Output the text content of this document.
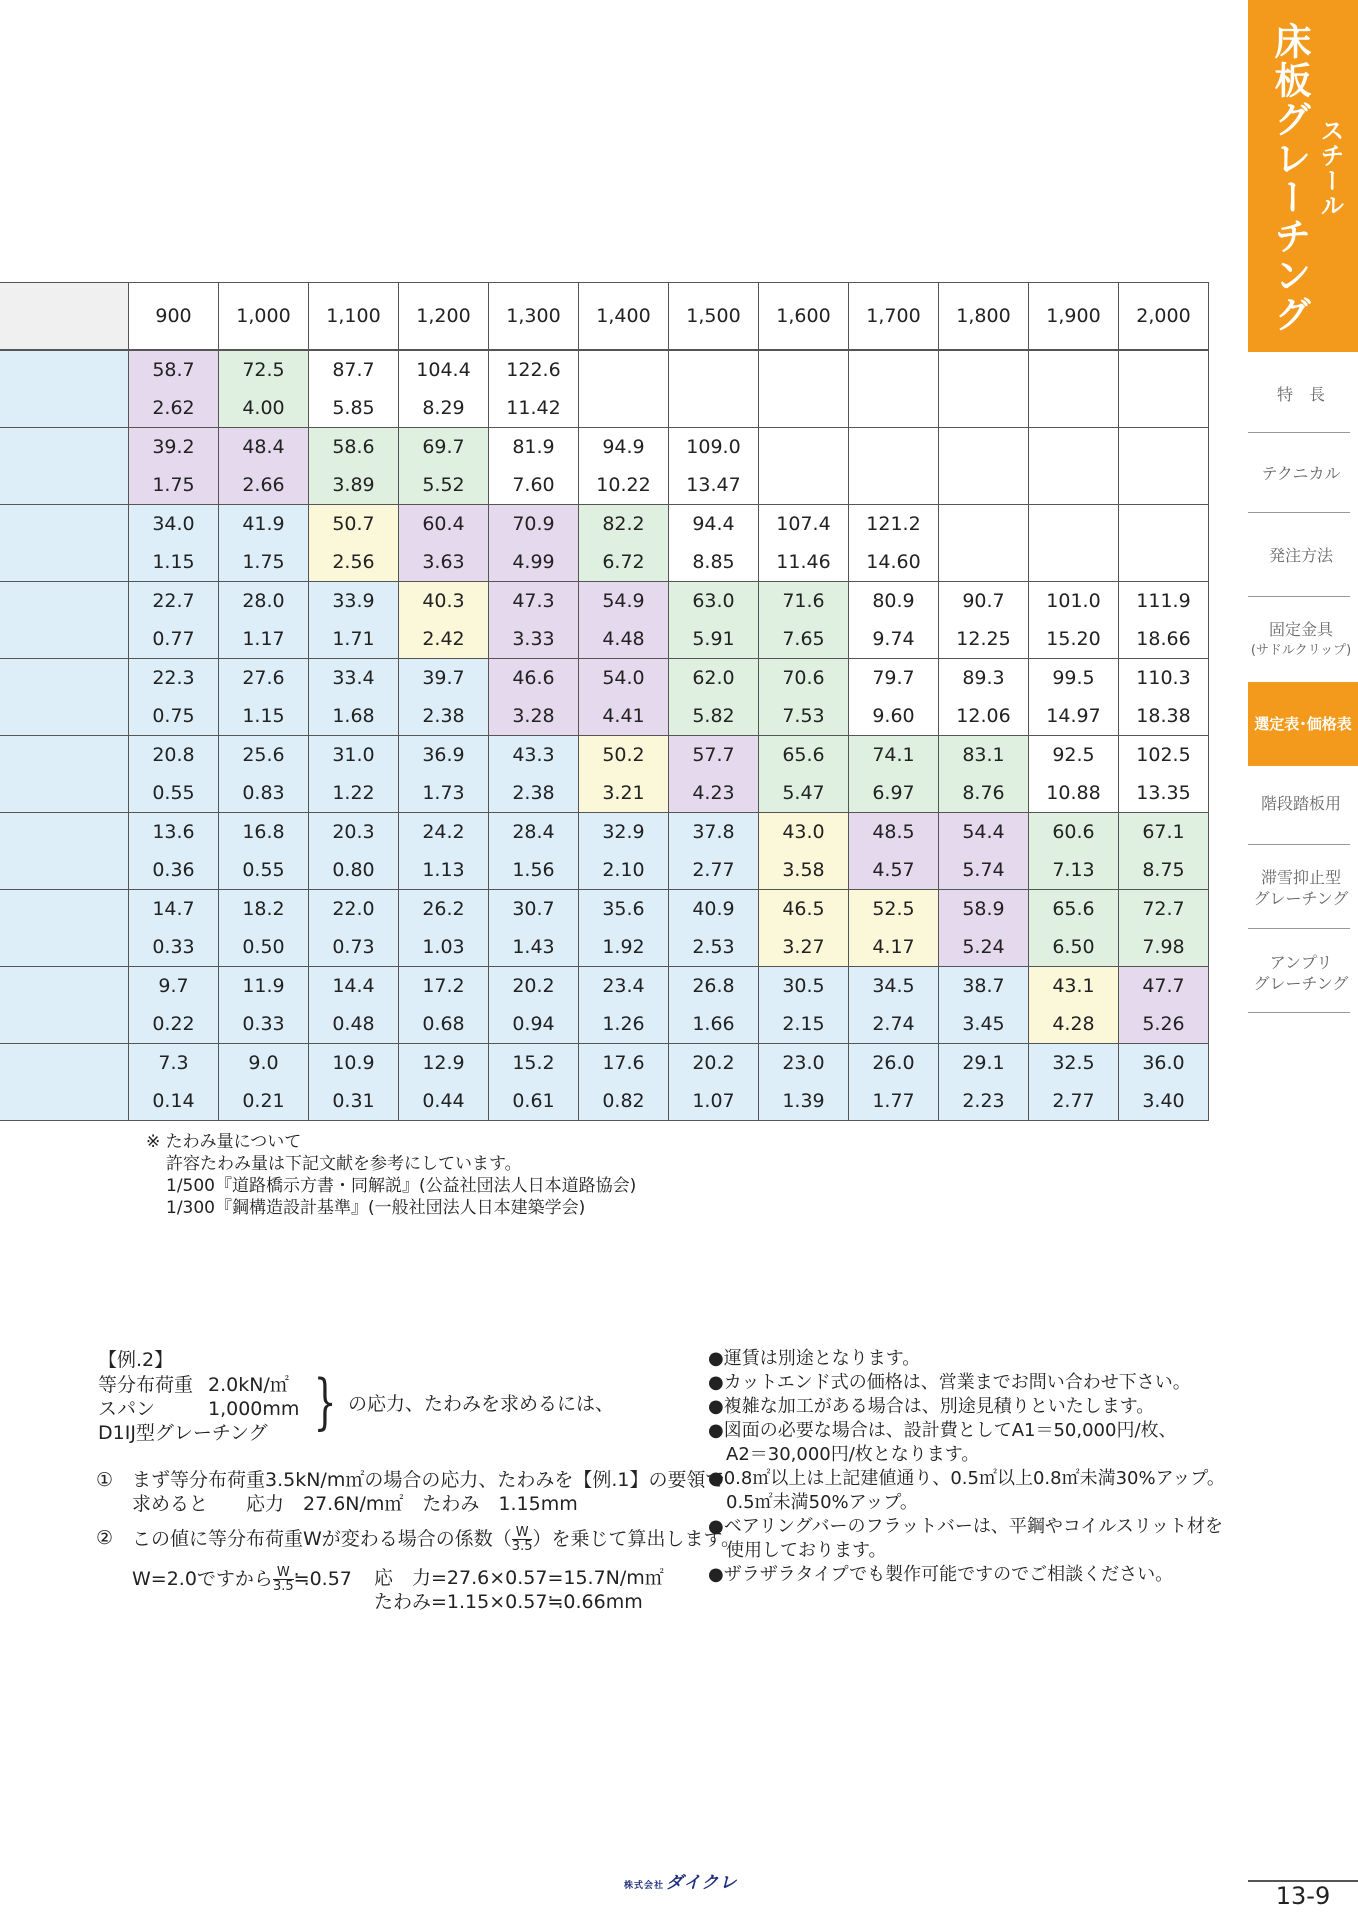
床板グレーチング スチール
特　長
テクニカル
発注方法
固定金具
(サドルクリップ)
選定表･価格表
階段踏板用
滞雪抑止型
グレーチング
アンプリ
グレーチング
	900	1,000	1,100	1,200	1,300	1,400	1,500	1,600	1,700	1,800	1,900	2,000

	58.7	72.5	87.7	104.4	122.6							
	2.62	4.00	5.85	8.29	11.42							

	39.2	48.4	58.6	69.7	81.9	94.9	109.0					
	1.75	2.66	3.89	5.52	7.60	10.22	13.47					

	34.0	41.9	50.7	60.4	70.9	82.2	94.4	107.4	121.2			
	1.15	1.75	2.56	3.63	4.99	6.72	8.85	11.46	14.60			

	22.7	28.0	33.9	40.3	47.3	54.9	63.0	71.6	80.9	90.7	101.0	111.9
	0.77	1.17	1.71	2.42	3.33	4.48	5.91	7.65	9.74	12.25	15.20	18.66

	22.3	27.6	33.4	39.7	46.6	54.0	62.0	70.6	79.7	89.3	99.5	110.3
	0.75	1.15	1.68	2.38	3.28	4.41	5.82	7.53	9.60	12.06	14.97	18.38

	20.8	25.6	31.0	36.9	43.3	50.2	57.7	65.6	74.1	83.1	92.5	102.5
	0.55	0.83	1.22	1.73	2.38	3.21	4.23	5.47	6.97	8.76	10.88	13.35

	13.6	16.8	20.3	24.2	28.4	32.9	37.8	43.0	48.5	54.4	60.6	67.1
	0.36	0.55	0.80	1.13	1.56	2.10	2.77	3.58	4.57	5.74	7.13	8.75

	14.7	18.2	22.0	26.2	30.7	35.6	40.9	46.5	52.5	58.9	65.6	72.7
	0.33	0.50	0.73	1.03	1.43	1.92	2.53	3.27	4.17	5.24	6.50	7.98

	9.7	11.9	14.4	17.2	20.2	23.4	26.8	30.5	34.5	38.7	43.1	47.7
	0.22	0.33	0.48	0.68	0.94	1.26	1.66	2.15	2.74	3.45	4.28	5.26

	7.3	9.0	10.9	12.9	15.2	17.6	20.2	23.0	26.0	29.1	32.5	36.0
	0.14	0.21	0.31	0.44	0.61	0.82	1.07	1.39	1.77	2.23	2.77	3.40
※ たわみ量について
許容たわみ量は下記文献を参考にしています。
1/500『道路橋示方書・同解説』(公益社団法人日本道路協会)
1/300『鋼構造設計基準』(一般社団法人日本建築学会)
【例.2】
等分布荷重 2.0kN/㎡
スパン	1,000mm
D1IJ型グレーチング } の応力、たわみを求めるには、
① まず等分布荷重3.5kN/m㎡の場合の応力、たわみを【例.1】の要領で
求めると　　応力　27.6N/m㎡　たわみ　1.15mm
② この値に等分布荷重Wが変わる場合の係数（ $\frac{W}{3.5}$ ）を乗じて算出します。
W=2.0ですから $\frac{W}{3.5}$ ≒0.57 応　力=27.6×0.57=15.7N/m㎡
たわみ=1.15×0.57≒0.66mm
●運賃は別途となります。
●カットエンド式の価格は、営業までお問い合わせ下さい。
●複雑な加工がある場合は、別途見積りといたします。
●図面の必要な場合は、設計費としてA1＝50,000円/枚、
　A2＝30,000円/枚となります。
●0.8㎡以上は上記建値通り、0.5㎡以上0.8㎡未満30%アップ。
　0.5㎡未満50%アップ。
●ベアリングバーのフラットバーは、平鋼やコイルスリット材を
　使用しております。
●ザラザラタイプでも製作可能ですのでご相談ください。
株式会社 ダイクレ	13-9
